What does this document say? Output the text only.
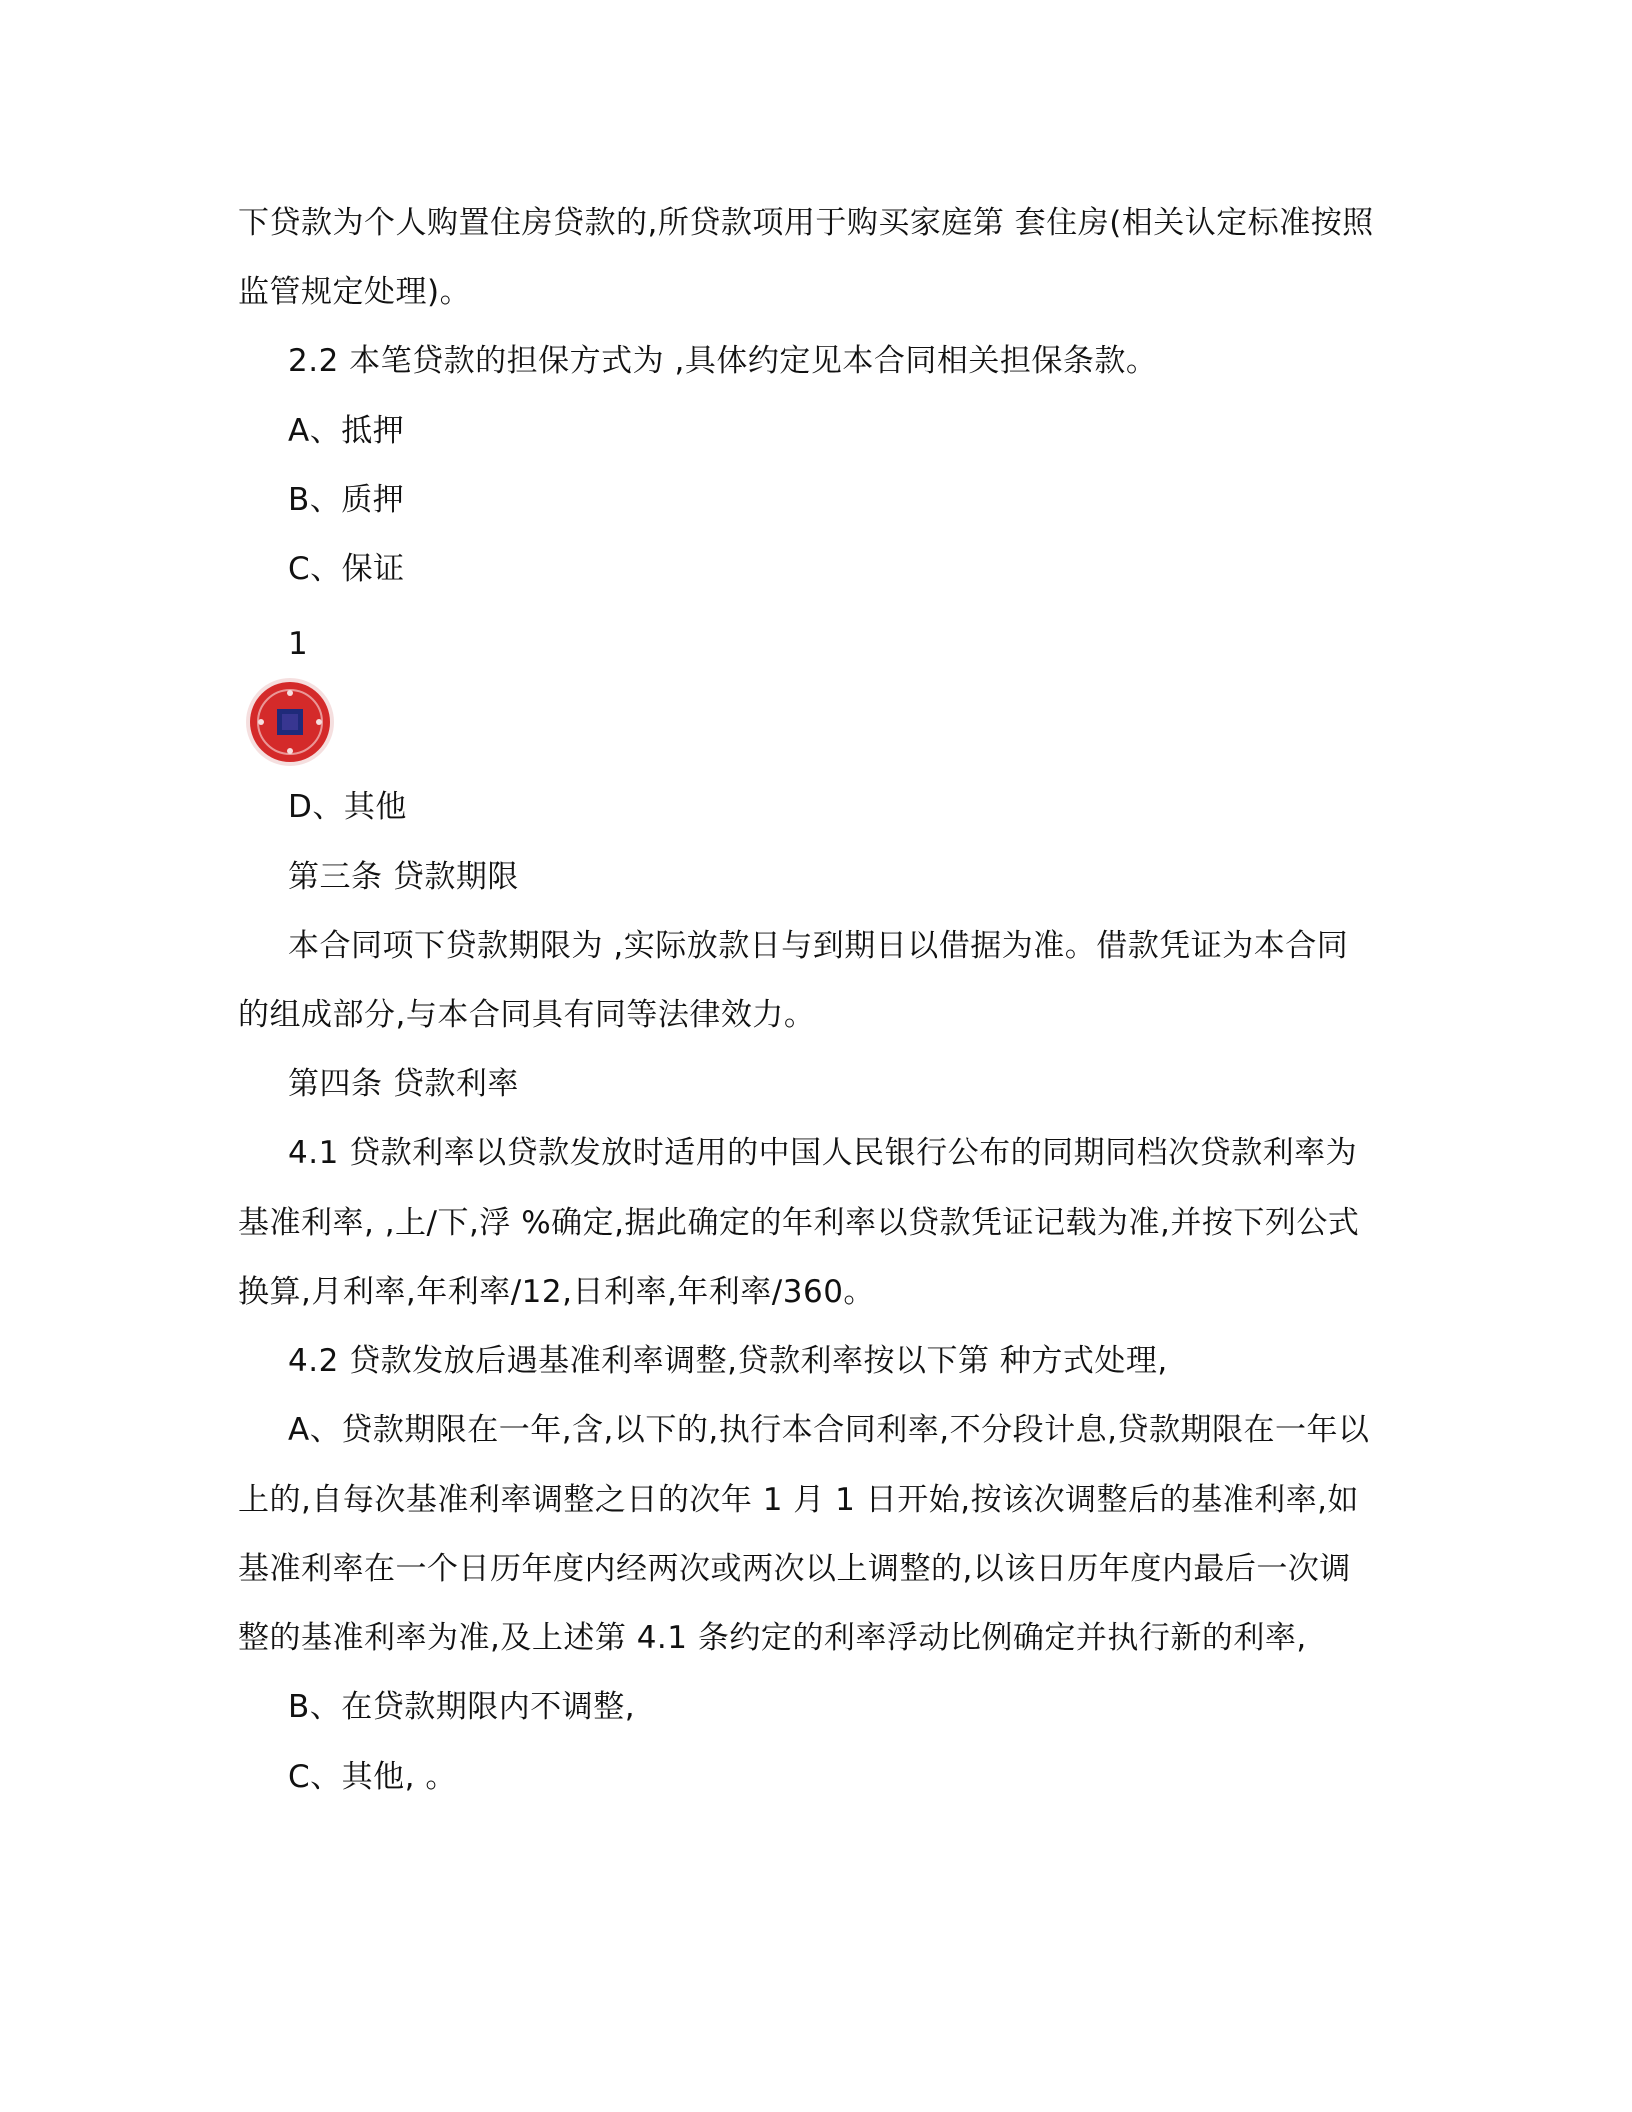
下贷款为个人购置住房贷款的,所贷款项用于购买家庭第 套住房(相关认定标准按照
监管规定处理)。
2.2 本笔贷款的担保方式为 ,具体约定见本合同相关担保条款。
A、抵押
B、质押
C、保证
1
D、其他
第三条 贷款期限
本合同项下贷款期限为 ,实际放款日与到期日以借据为准。借款凭证为本合同
的组成部分,与本合同具有同等法律效力。
第四条 贷款利率
4.1 贷款利率以贷款发放时适用的中国人民银行公布的同期同档次贷款利率为
基准利率, ,上/下,浮 %确定,据此确定的年利率以贷款凭证记载为准,并按下列公式
换算,月利率,年利率/12,日利率,年利率/360。
4.2 贷款发放后遇基准利率调整,贷款利率按以下第 种方式处理,
A、贷款期限在一年,含,以下的,执行本合同利率,不分段计息,贷款期限在一年以
上的,自每次基准利率调整之日的次年 1 月 1 日开始,按该次调整后的基准利率,如
基准利率在一个日历年度内经两次或两次以上调整的,以该日历年度内最后一次调
整的基准利率为准,及上述第 4.1 条约定的利率浮动比例确定并执行新的利率,
B、在贷款期限内不调整,
C、其他, 。
